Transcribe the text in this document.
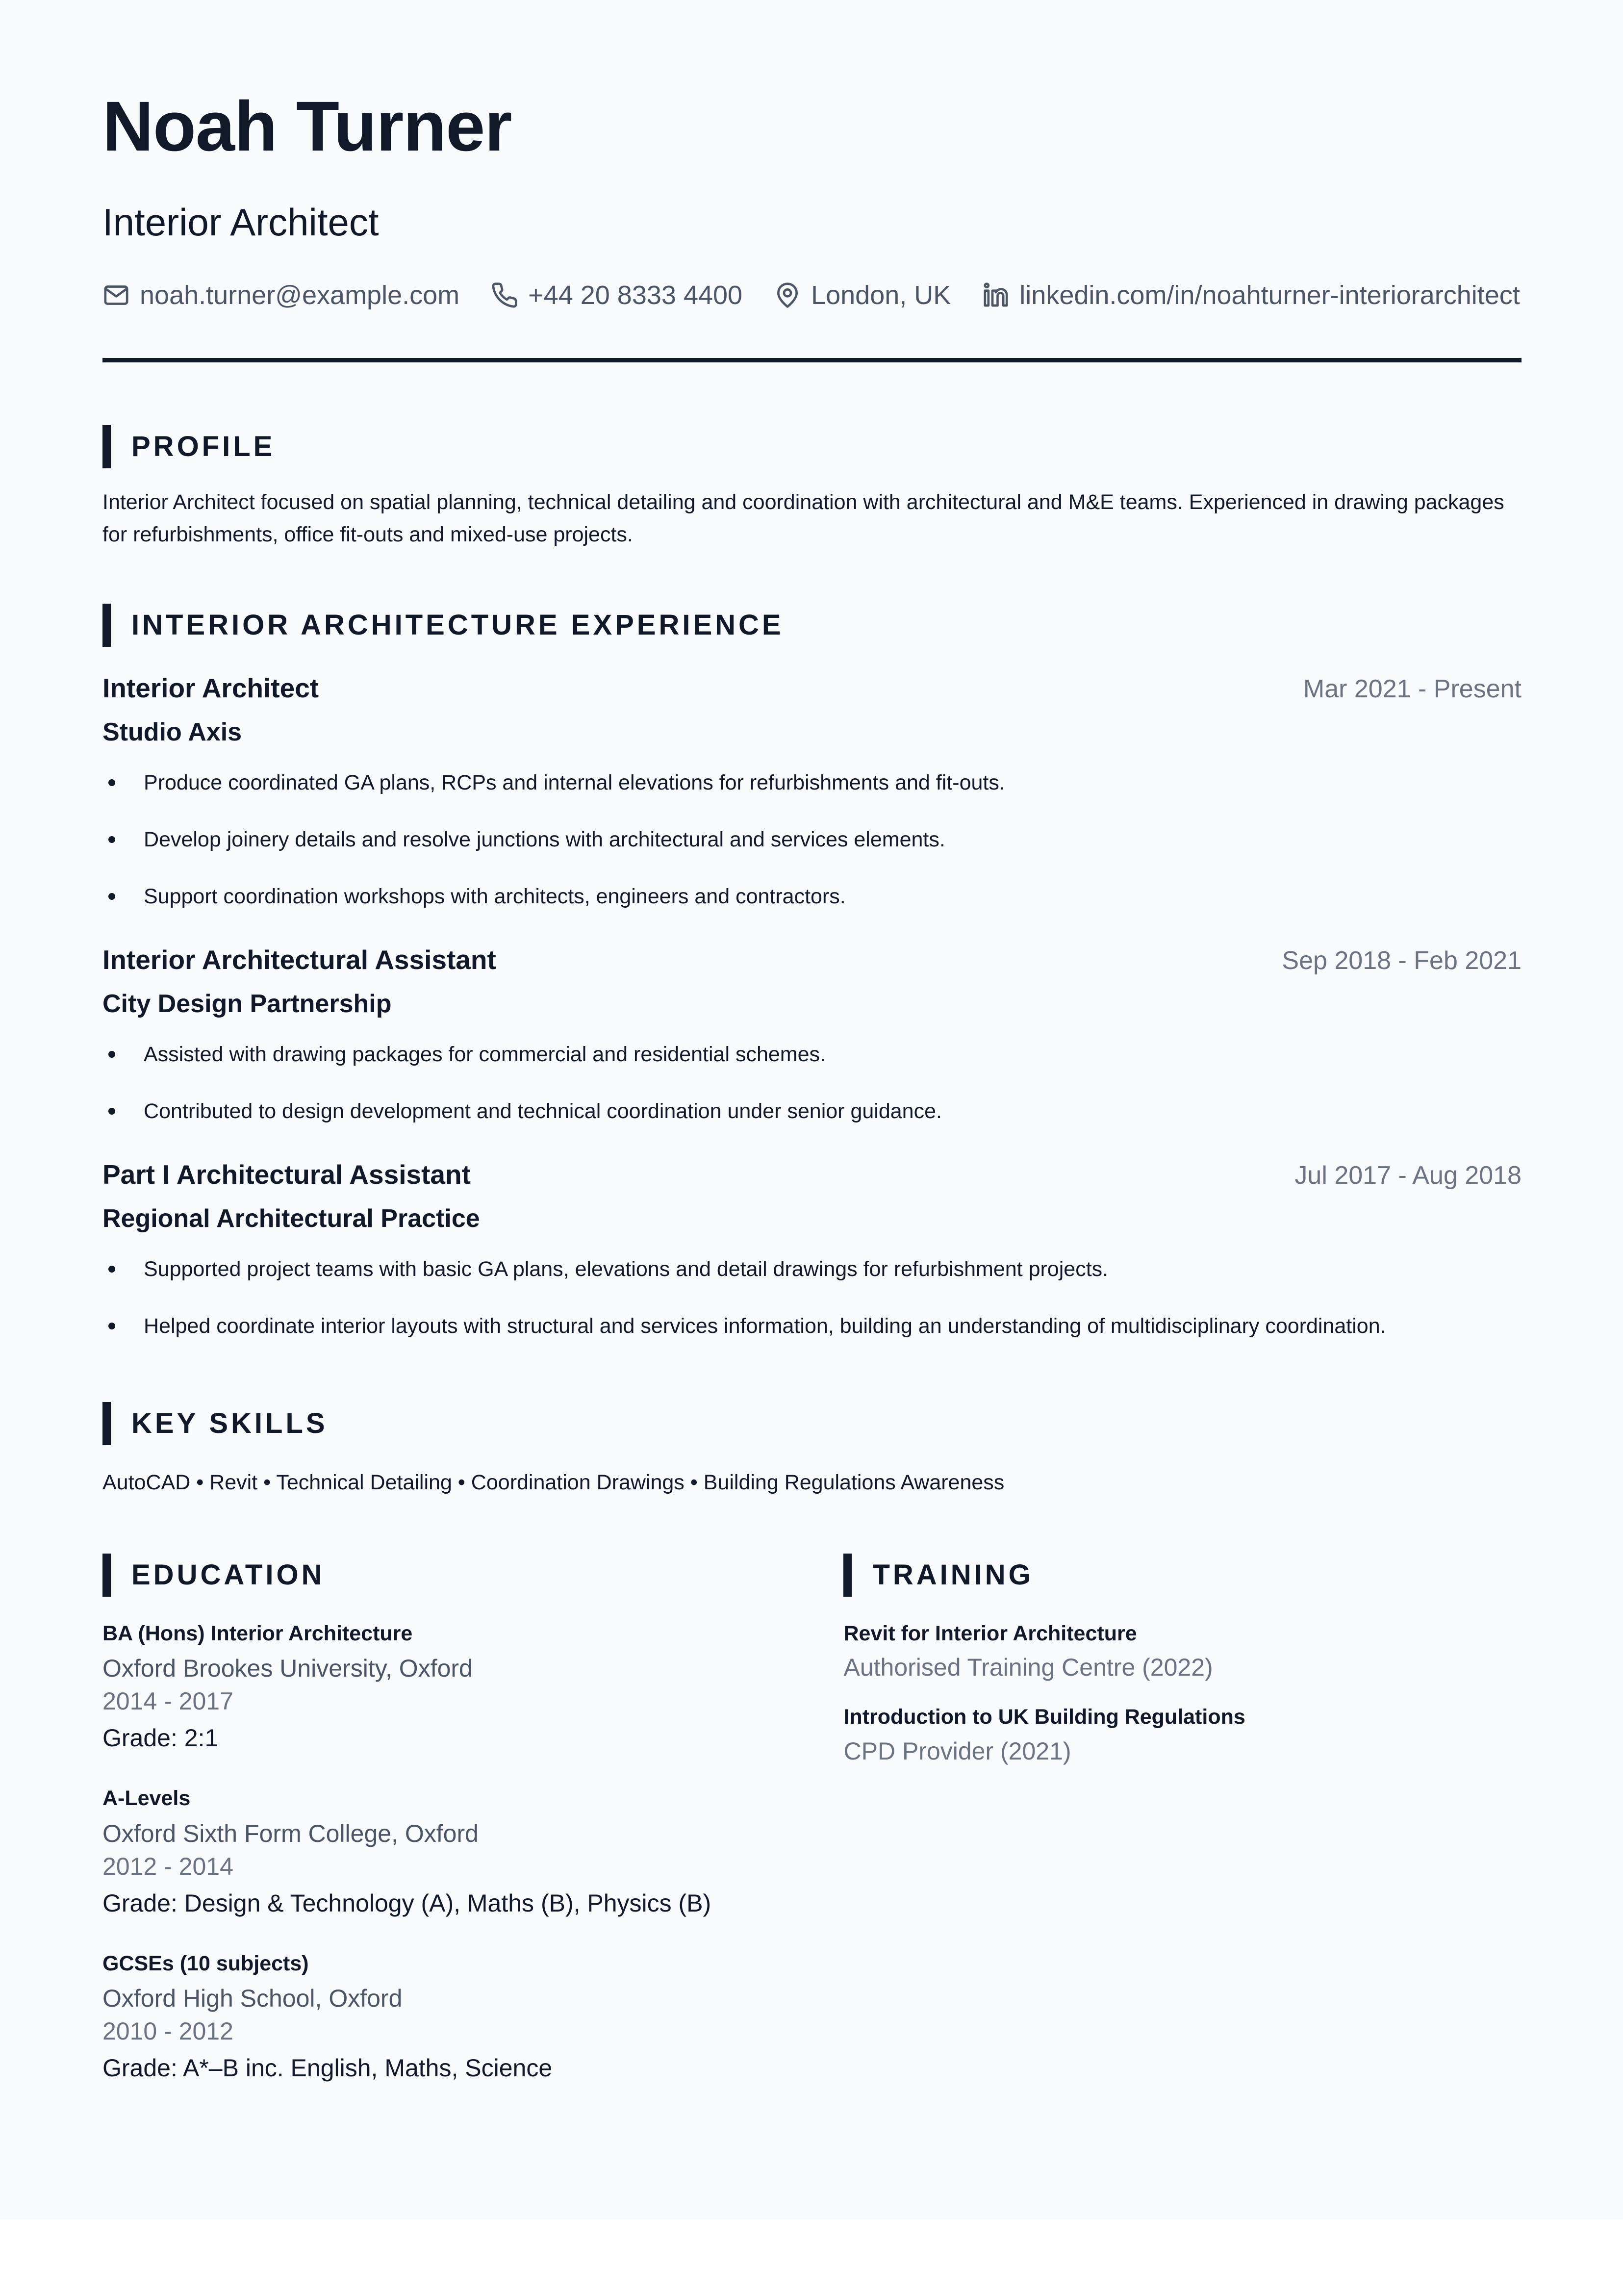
Noah Turner
Interior Architect
noah.turner@example.com	+44 20 8333 4400	London, UK	linkedin.com/in/noahturner-interiorarchitect
PROFILE

Interior Architect focused on spatial planning, technical detailing and coordination with architectural and M&E teams. Experienced in drawing packages for refurbishments, office fit-outs and mixed-use projects.

INTERIOR ARCHITECTURE EXPERIENCE
Interior Architect	Mar 2021 - Present
Studio Axis
Produce coordinated GA plans, RCPs and internal elevations for refurbishments and fit-outs.
Develop joinery details and resolve junctions with architectural and services elements.
Support coordination workshops with architects, engineers and contractors.
Interior Architectural Assistant	Sep 2018 - Feb 2021
City Design Partnership
Assisted with drawing packages for commercial and residential schemes.
Contributed to design development and technical coordination under senior guidance.
Part I Architectural Assistant	Jul 2017 - Aug 2018
Regional Architectural Practice
Supported project teams with basic GA plans, elevations and detail drawings for refurbishment projects.
Helped coordinate interior layouts with structural and services information, building an understanding of multidisciplinary coordination.
KEY SKILLS

AutoCAD • Revit • Technical Detailing • Coordination Drawings • Building Regulations Awareness

EDUCATION
BA (Hons) Interior Architecture
Oxford Brookes University, Oxford
2014 - 2017
Grade: 2:1
A-Levels
Oxford Sixth Form College, Oxford
2012 - 2014
Grade: Design & Technology (A), Maths (B), Physics (B)
GCSEs (10 subjects)
Oxford High School, Oxford
2010 - 2012
Grade: A*–B inc. English, Maths, Science
TRAINING
Revit for Interior Architecture
Authorised Training Centre (2022)
Introduction to UK Building Regulations
CPD Provider (2021)
